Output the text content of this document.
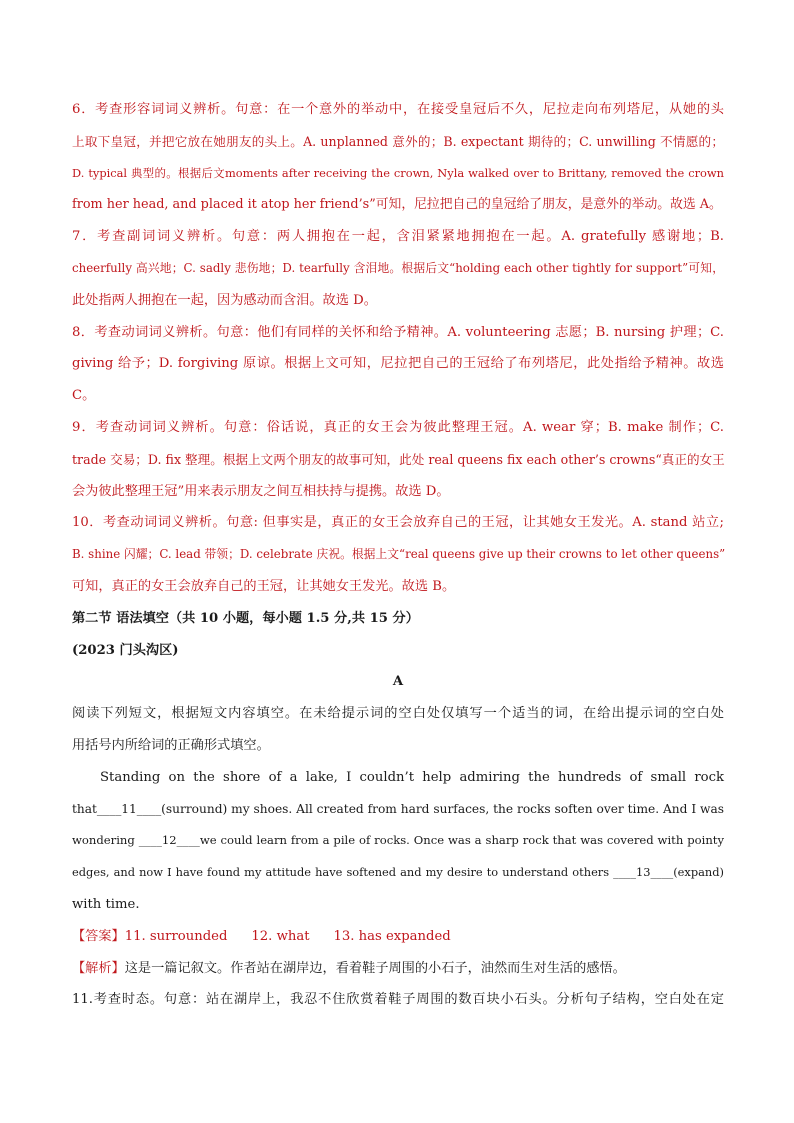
6．考查形容词词义辨析。句意：在一个意外的举动中，在接受皇冠后不久，尼拉走向布列塔尼，从她的头
上取下皇冠，并把它放在她朋友的头上。A. unplanned 意外的；B. expectant 期待的；C. unwilling 不情愿的；
D. typical 典型的。根据后文moments after receiving the crown, Nyla walked over to Brittany, removed the crown
from her head, and placed it atop her friend’s”可知，尼拉把自己的皇冠给了朋友，是意外的举动。故选 A。
7．考查副词词义辨析。句意：两人拥抱在一起，含泪紧紧地拥抱在一起。A. gratefully 感谢地；B.
cheerfully 高兴地；C. sadly 悲伤地；D. tearfully 含泪地。根据后文“holding each other tightly for support”可知，
此处指两人拥抱在一起，因为感动而含泪。故选 D。
8．考查动词词义辨析。句意：他们有同样的关怀和给予精神。A. volunteering 志愿；B. nursing 护理；C.
giving 给予；D. forgiving 原谅。根据上文可知，尼拉把自己的王冠给了布列塔尼，此处指给予精神。故选
C。
9．考查动词词义辨析。句意：俗话说，真正的女王会为彼此整理王冠。A. wear 穿；B. make 制作；C.
trade 交易；D. fix 整理。根据上文两个朋友的故事可知，此处 real queens fix each other’s crowns“真正的女王
会为彼此整理王冠”用来表示朋友之间互相扶持与提携。故选 D。
10．考查动词词义辨析。句意: 但事实是，真正的女王会放弃自己的王冠，让其她女王发光。A. stand 站立;
B. shine 闪耀；C. lead 带领；D. celebrate 庆祝。根据上文“real queens give up their crowns to let other queens”
可知，真正的女王会放弃自己的王冠，让其她女王发光。故选 B。
第二节 语法填空（共 10 小题，每小题 1.5 分,共 15 分）
(2023 门头沟区)
A
阅读下列短文，根据短文内容填空。在未给提示词的空白处仅填写一个适当的词，在给出提示词的空白处
用括号内所给词的正确形式填空。
Standing on the shore of a lake, I couldn’t help admiring the hundreds of small rock
that____11____(surround) my shoes. All created from hard surfaces, the rocks soften over time. And I was
wondering ____12____we could learn from a pile of rocks. Once was a sharp rock that was covered with pointy
edges, and now I have found my attitude have softened and my desire to understand others ____13____(expand)
with time.
【答案】11. surrounded 12. what 13. has expanded
【解析】这是一篇记叙文。作者站在湖岸边，看着鞋子周围的小石子，油然而生对生活的感悟。
11.考查时态。句意：站在湖岸上，我忍不住欣赏着鞋子周围的数百块小石头。分析句子结构，空白处在定
